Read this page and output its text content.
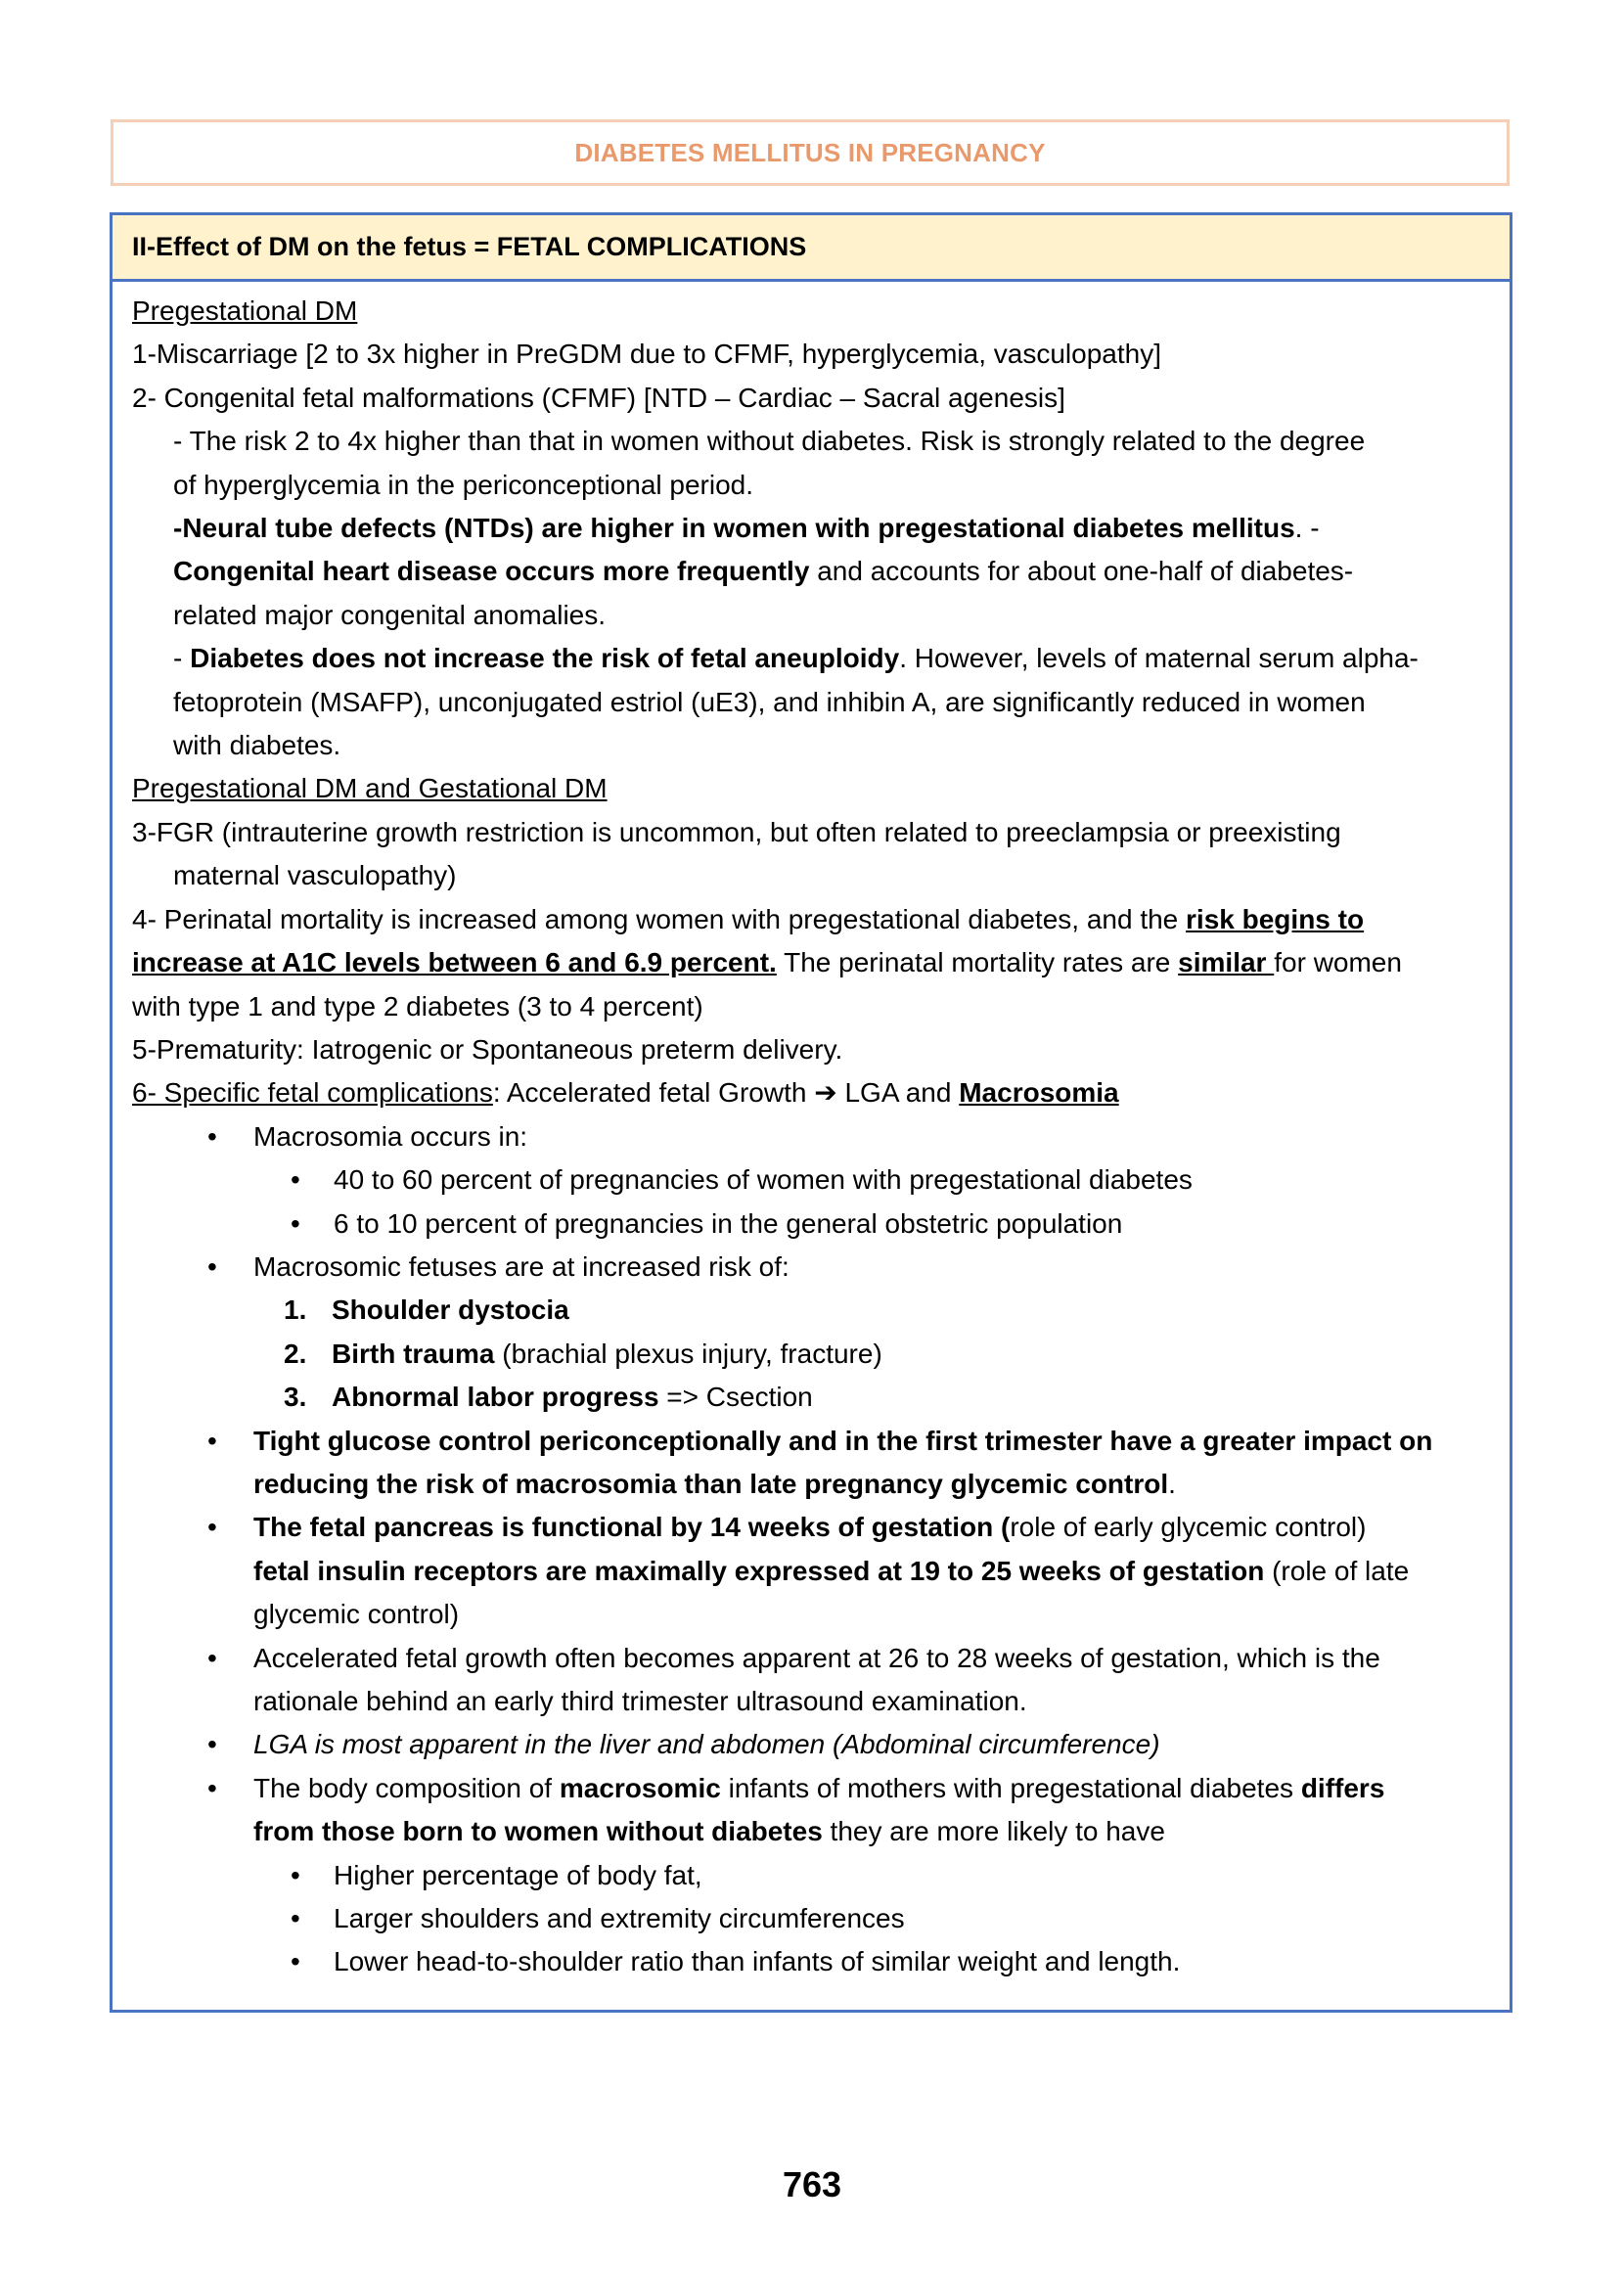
DIABETES MELLITUS IN PREGNANCY
II-Effect of DM on the fetus = FETAL COMPLICATIONS
Pregestational DM
1-Miscarriage [2 to 3x higher in PreGDM due to CFMF, hyperglycemia, vasculopathy]
2- Congenital fetal malformations (CFMF) [NTD – Cardiac – Sacral agenesis]
- The risk 2 to 4x higher than that in women without diabetes. Risk is strongly related to the degree
of hyperglycemia in the periconceptional period.
-Neural tube defects (NTDs) are higher in women with pregestational diabetes mellitus. -
Congenital heart disease occurs more frequently and accounts for about one-half of diabetes-
related major congenital anomalies.
- Diabetes does not increase the risk of fetal aneuploidy. However, levels of maternal serum alpha-
fetoprotein (MSAFP), unconjugated estriol (uE3), and inhibin A, are significantly reduced in women
with diabetes.
Pregestational DM and Gestational DM
3-FGR (intrauterine growth restriction is uncommon, but often related to preeclampsia or preexisting
maternal vasculopathy)
4- Perinatal mortality is increased among women with pregestational diabetes, and the risk begins to
increase at A1C levels between 6 and 6.9 percent. The perinatal mortality rates are similar for women
with type 1 and type 2 diabetes (3 to 4 percent)
5-Prematurity: Iatrogenic or Spontaneous preterm delivery.
6- Specific fetal complications: Accelerated fetal Growth ➔ LGA and Macrosomia
• Macrosomia occurs in:
• 40 to 60 percent of pregnancies of women with pregestational diabetes
• 6 to 10 percent of pregnancies in the general obstetric population
• Macrosomic fetuses are at increased risk of:
1. Shoulder dystocia
2. Birth trauma (brachial plexus injury, fracture)
3. Abnormal labor progress => Csection
• Tight glucose control periconceptionally and in the first trimester have a greater impact on
reducing the risk of macrosomia than late pregnancy glycemic control.
• The fetal pancreas is functional by 14 weeks of gestation (role of early glycemic control)
fetal insulin receptors are maximally expressed at 19 to 25 weeks of gestation (role of late
glycemic control)
• Accelerated fetal growth often becomes apparent at 26 to 28 weeks of gestation, which is the
rationale behind an early third trimester ultrasound examination.
• LGA is most apparent in the liver and abdomen (Abdominal circumference)
• The body composition of macrosomic infants of mothers with pregestational diabetes differs
from those born to women without diabetes they are more likely to have
• Higher percentage of body fat,
• Larger shoulders and extremity circumferences
• Lower head-to-shoulder ratio than infants of similar weight and length.
763
